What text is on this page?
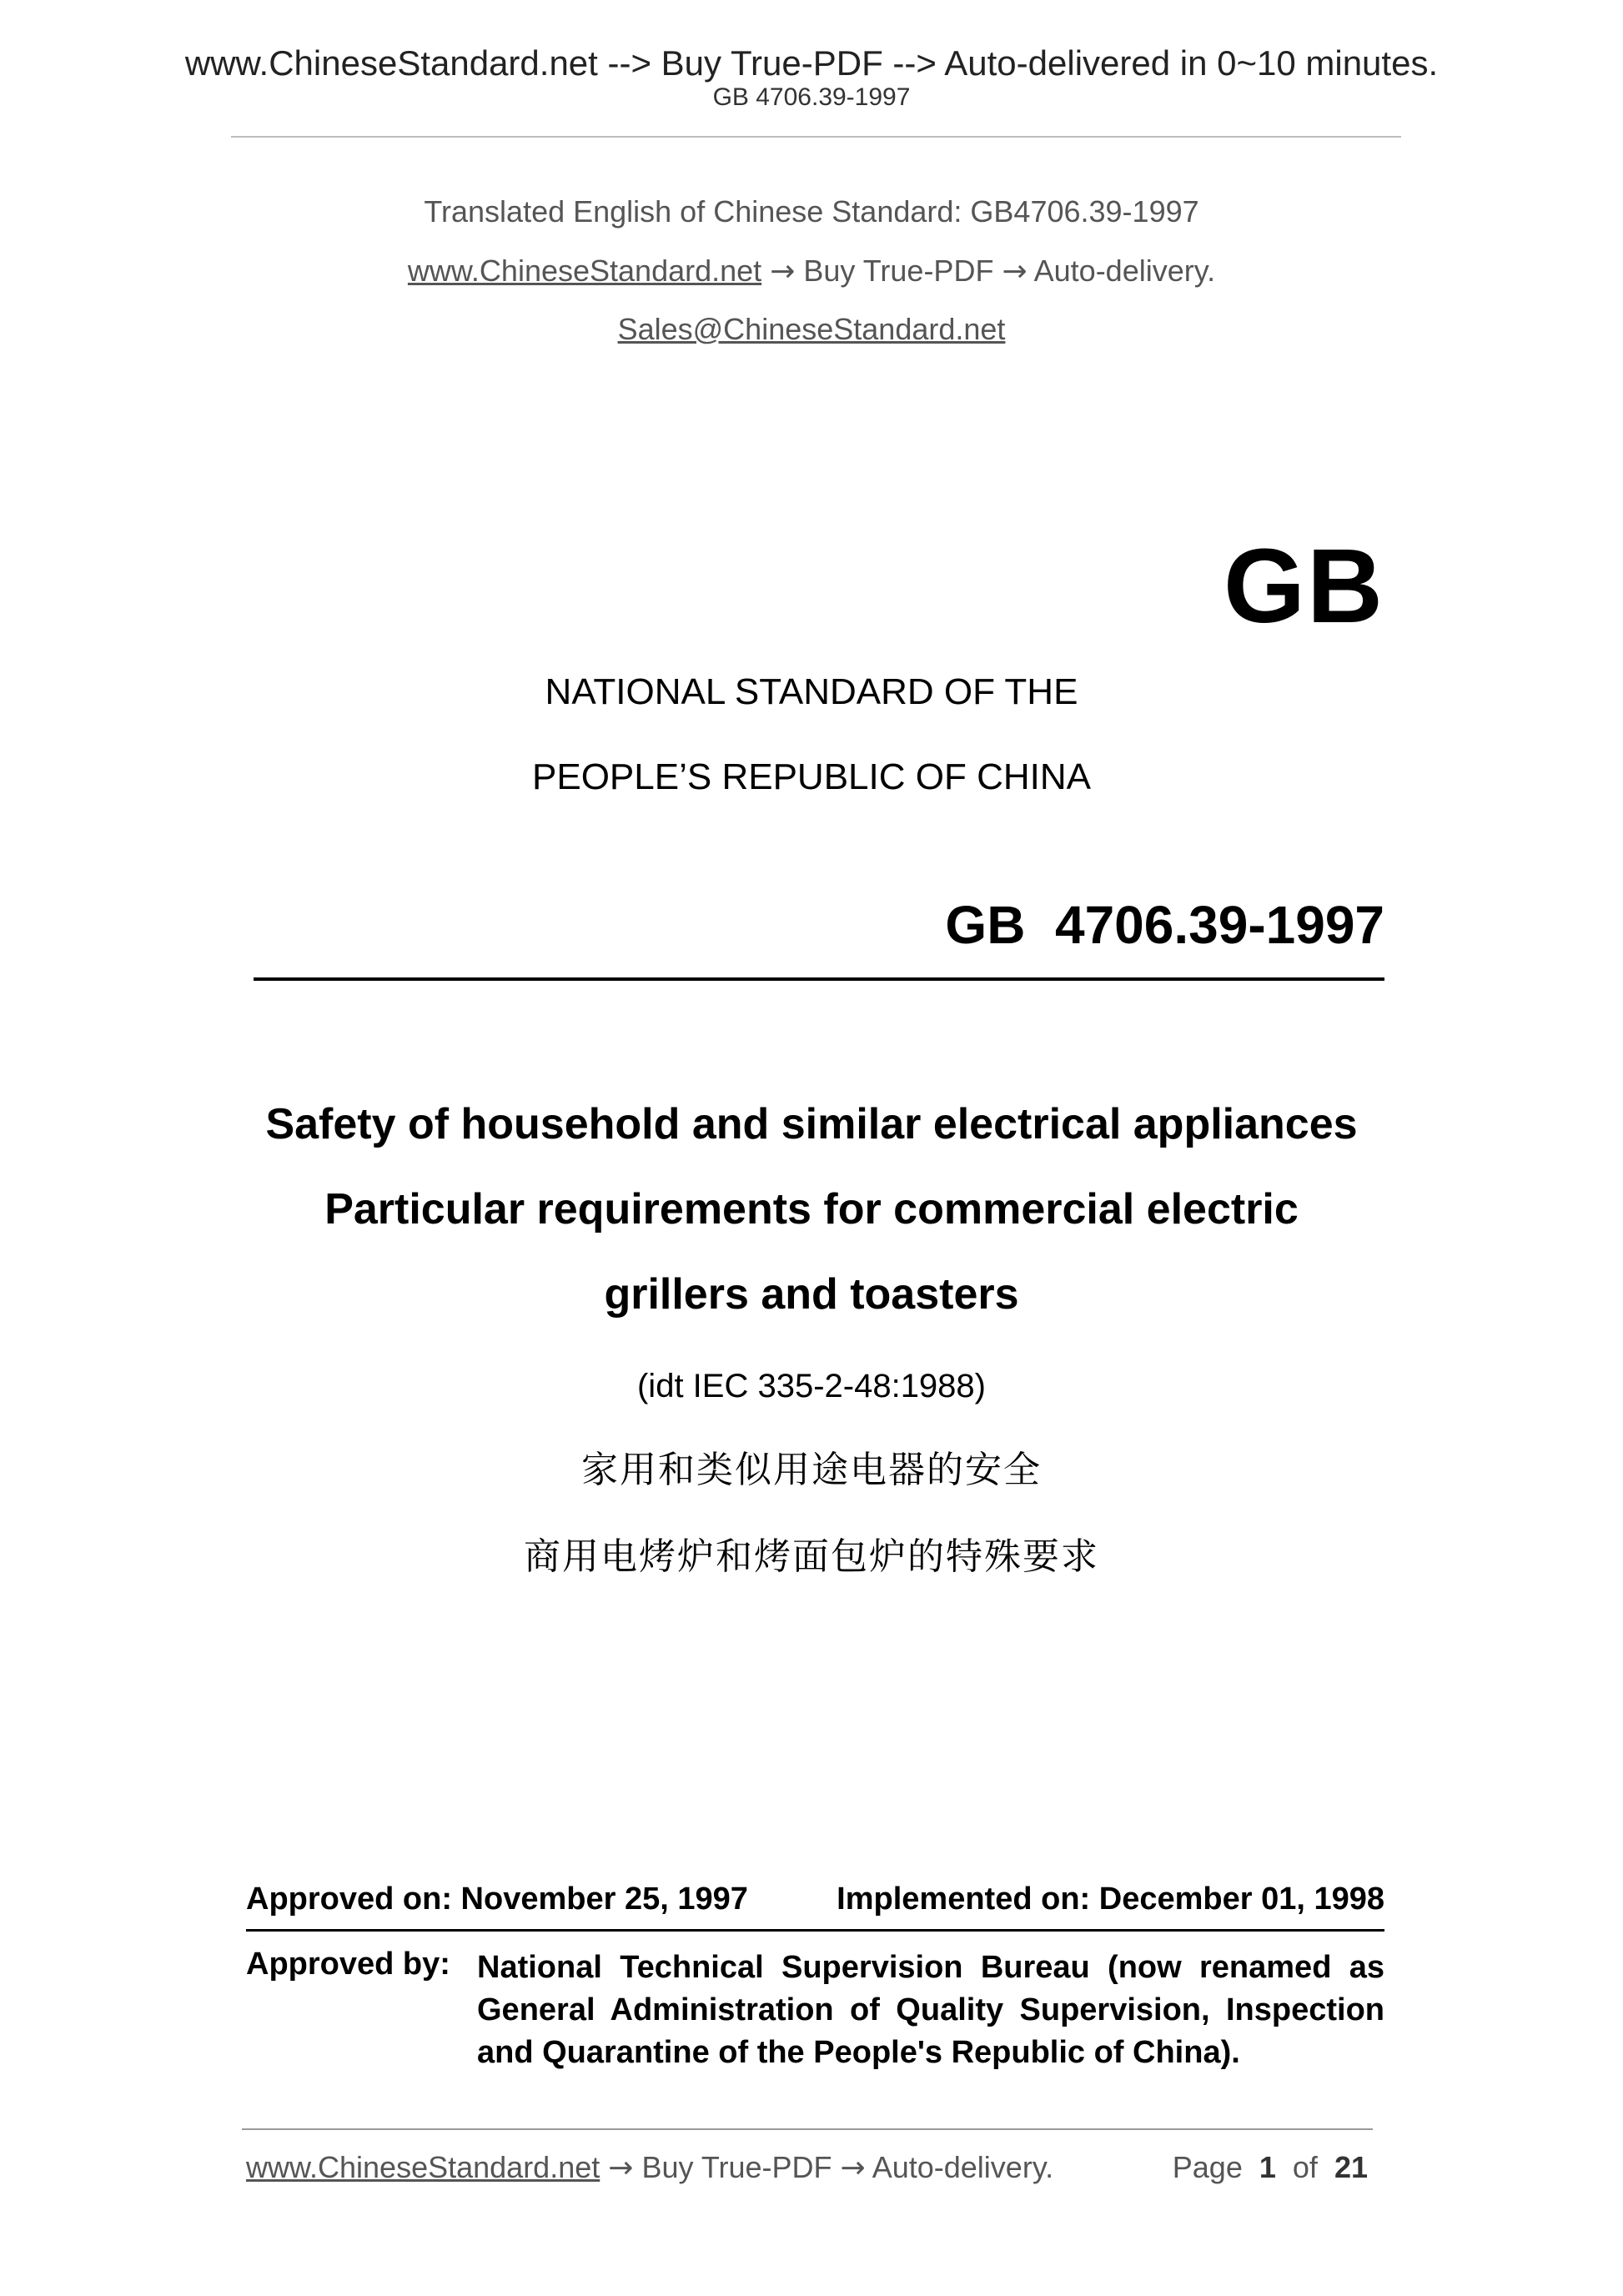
www.ChineseStandard.net --> Buy True-PDF --> Auto-delivered in 0~10 minutes.
GB 4706.39-1997
Translated English of Chinese Standard: GB4706.39-1997
www.ChineseStandard.net → Buy True-PDF → Auto-delivery.
Sales@ChineseStandard.net
GB
NATIONAL STANDARD OF THE
PEOPLE’S REPUBLIC OF CHINA
GB  4706.39-1997
Safety of household and similar electrical appliances
Particular requirements for commercial electric
grillers and toasters
(idt IEC 335-2-48:1988)
家用和类似用途电器的安全
商用电烤炉和烤面包炉的特殊要求
Approved on: November 25, 1997	Implemented on: December 01, 1998
Approved by: National Technical Supervision Bureau (now renamed as General Administration of Quality Supervision, Inspection and Quarantine of the People's Republic of China).
www.ChineseStandard.net → Buy True-PDF → Auto-delivery.	Page 1 of 21
